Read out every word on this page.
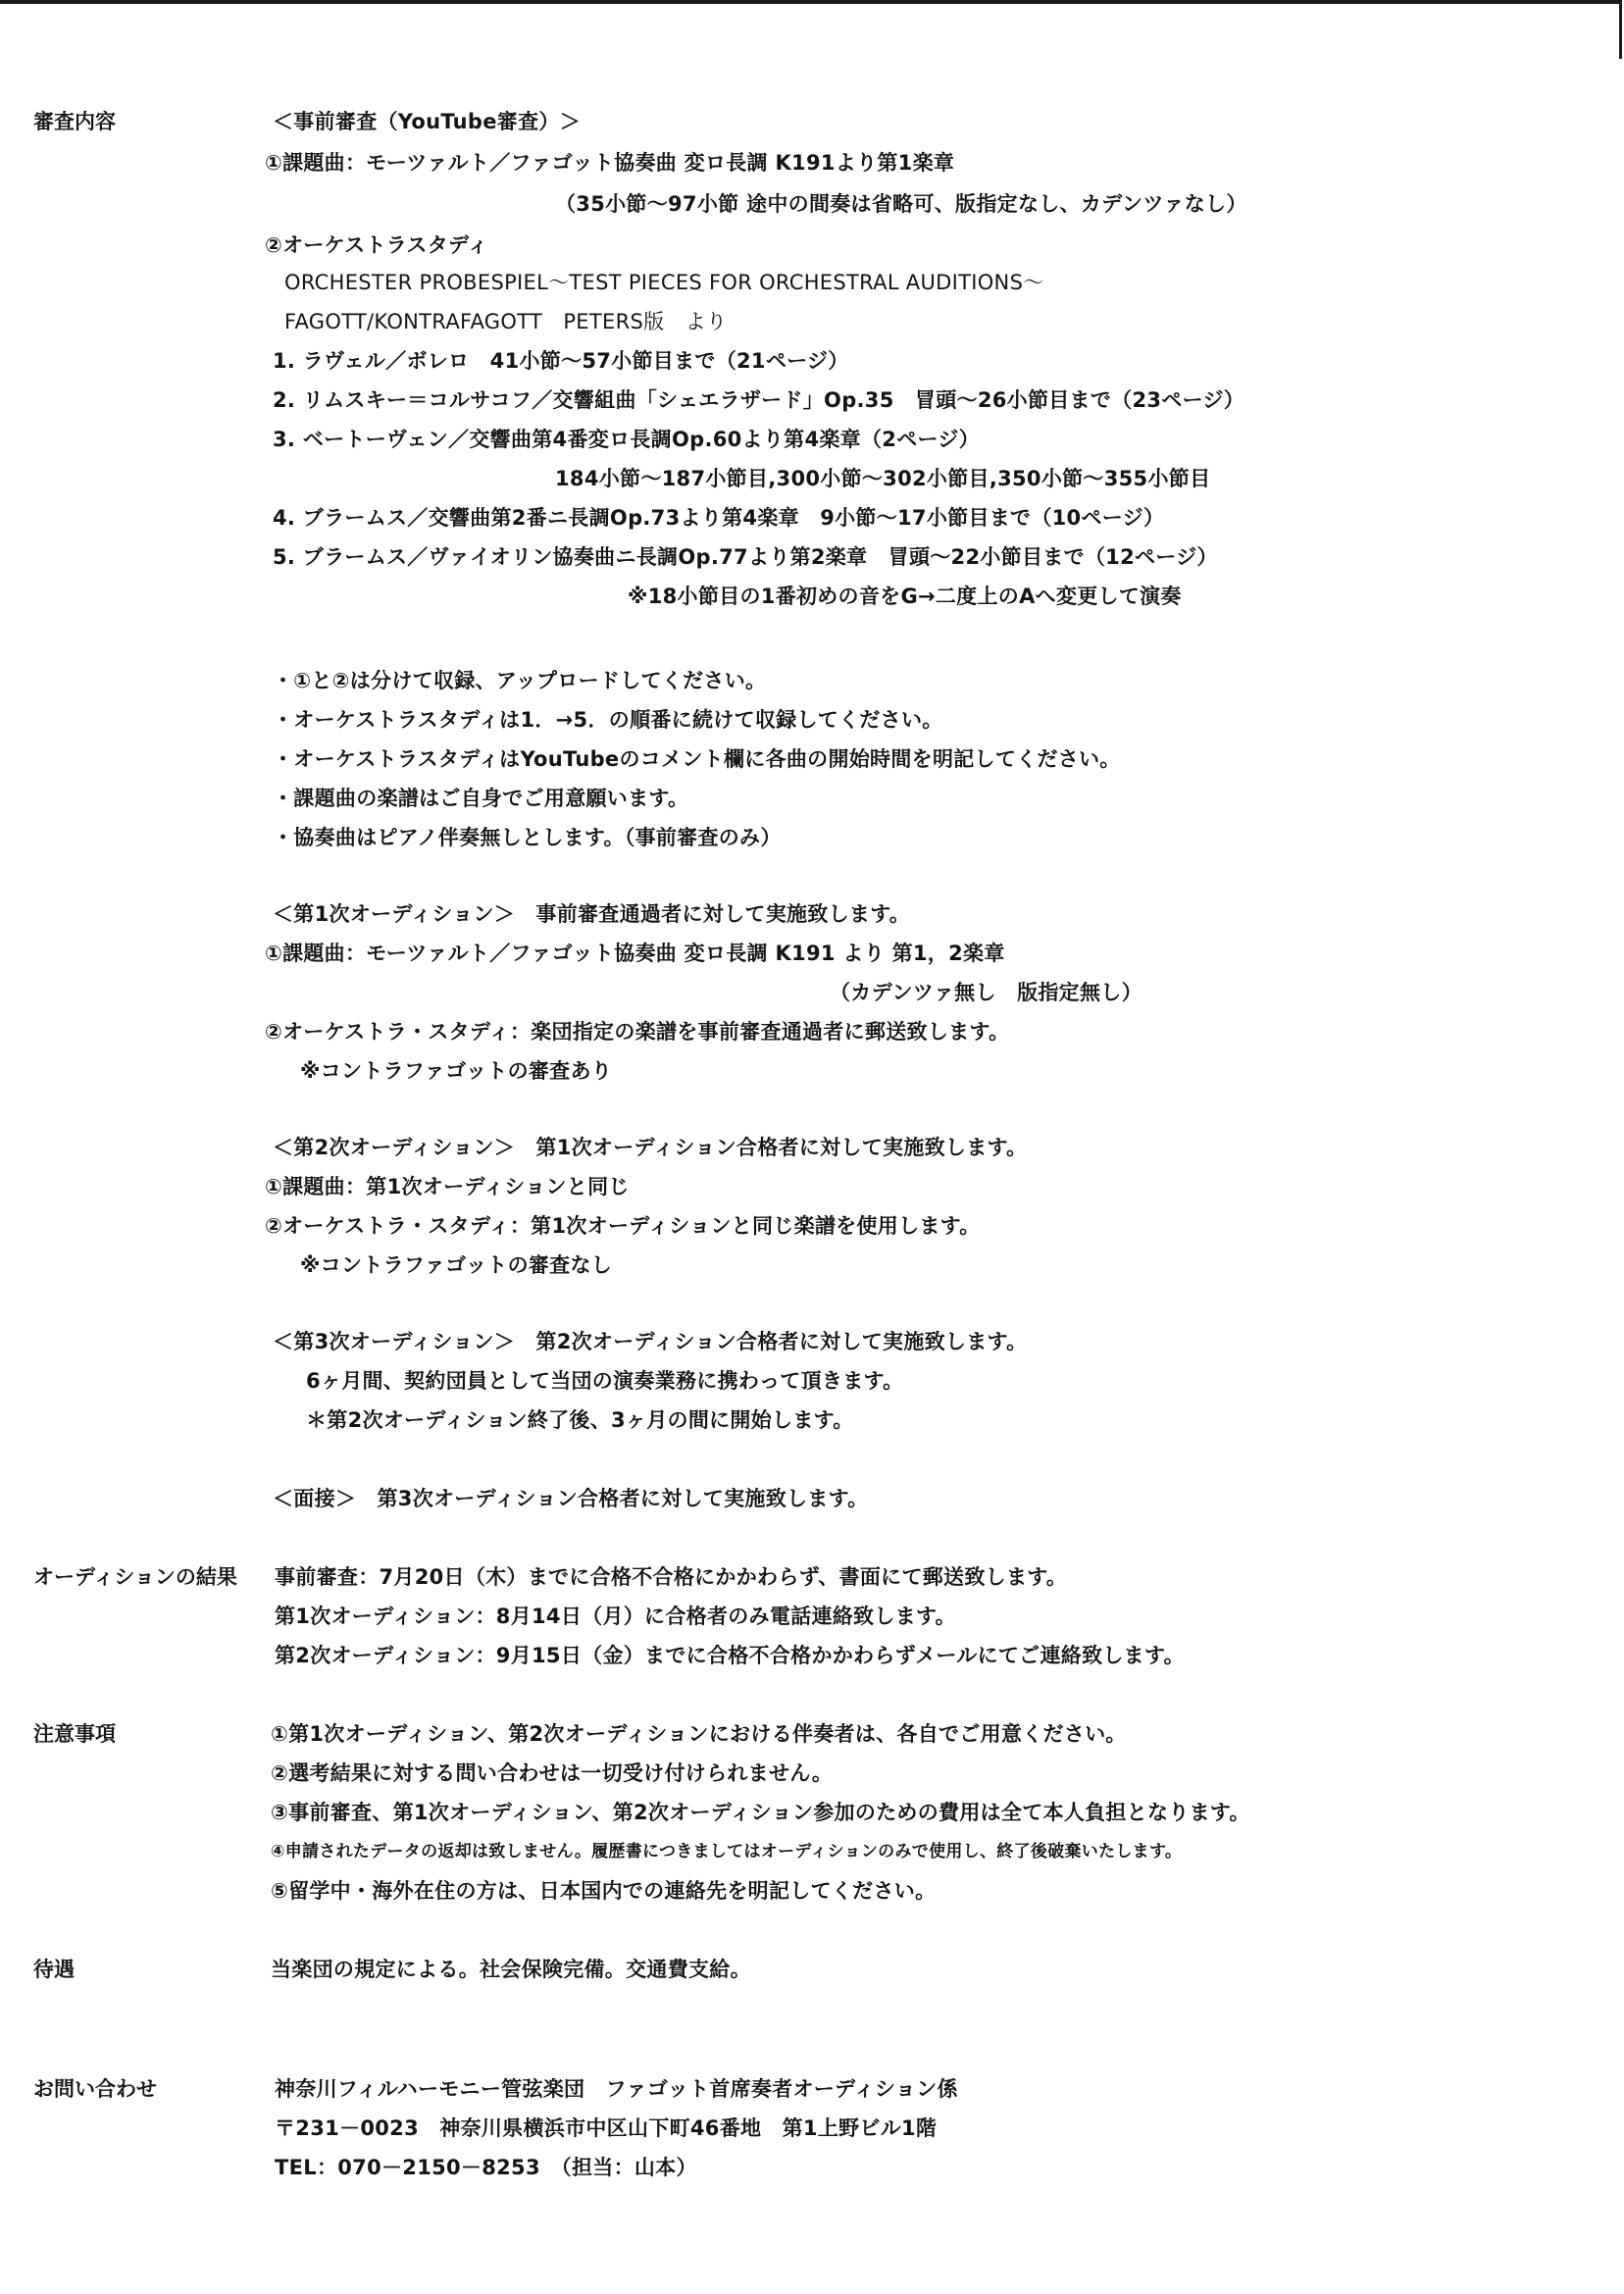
審査内容	＜事前審査（YouTube審査）＞
①課題曲：モーツァルト／ファゴット協奏曲 変ロ長調 K191より第1楽章
（35小節～97小節 途中の間奏は省略可、版指定なし、カデンツァなし）
②オーケストラスタディ
ORCHESTER PROBESPIEL～TEST PIECES FOR ORCHESTRAL AUDITIONS～
FAGOTT/KONTRAFAGOTT　PETERS版　より
1. ラヴェル／ボレロ　41小節～57小節目まで（21ページ）
2. リムスキー＝コルサコフ／交響組曲「シェエラザード」Op.35　冒頭～26小節目まで（23ページ）
3. ベートーヴェン／交響曲第4番変ロ長調Op.60より第4楽章（2ページ）
184小節～187小節目,300小節～302小節目,350小節～355小節目
4. ブラームス／交響曲第2番ニ長調Op.73より第4楽章　9小節～17小節目まで（10ページ）
5. ブラームス／ヴァイオリン協奏曲ニ長調Op.77より第2楽章　冒頭～22小節目まで（12ページ）
※18小節目の1番初めの音をG→二度上のAへ変更して演奏
・①と②は分けて収録、アップロードしてください。
・オーケストラスタディは1．→5．の順番に続けて収録してください。
・オーケストラスタディはYouTubeのコメント欄に各曲の開始時間を明記してください。
・課題曲の楽譜はご自身でご用意願います。
・協奏曲はピアノ伴奏無しとします。（事前審査のみ）
＜第1次オーディション＞　事前審査通過者に対して実施致します。
①課題曲：モーツァルト／ファゴット協奏曲 変ロ長調 K191 より 第1，2楽章
（カデンツァ無し　版指定無し）
②オーケストラ・スタディ：楽団指定の楽譜を事前審査通過者に郵送致します。
※コントラファゴットの審査あり
＜第2次オーディション＞　第1次オーディション合格者に対して実施致します。
①課題曲：第1次オーディションと同じ
②オーケストラ・スタディ：第1次オーディションと同じ楽譜を使用します。
※コントラファゴットの審査なし
＜第3次オーディション＞　第2次オーディション合格者に対して実施致します。
6ヶ月間、契約団員として当団の演奏業務に携わって頂きます。
＊第2次オーディション終了後、3ヶ月の間に開始します。
＜面接＞　第3次オーディション合格者に対して実施致します。
オーディションの結果 事前審査：7月20日（木）までに合格不合格にかかわらず、書面にて郵送致します。
第1次オーディション：8月14日（月）に合格者のみ電話連絡致します。
第2次オーディション：9月15日（金）までに合格不合格かかわらずメールにてご連絡致します。
注意事項	①第1次オーディション、第2次オーディションにおける伴奏者は、各自でご用意ください。
②選考結果に対する問い合わせは一切受け付けられません。
③事前審査、第1次オーディション、第2次オーディション参加のための費用は全て本人負担となります。
④申請されたデータの返却は致しません。履歴書につきましてはオーディションのみで使用し、終了後破棄いたします。
⑤留学中・海外在住の方は、日本国内での連絡先を明記してください。
待遇	当楽団の規定による。社会保険完備。交通費支給。
お問い合わせ	神奈川フィルハーモニー管弦楽団　ファゴット首席奏者オーディション係
〒231－0023　神奈川県横浜市中区山下町46番地　第1上野ビル1階
TEL：070－2150－8253　（担当：山本）
